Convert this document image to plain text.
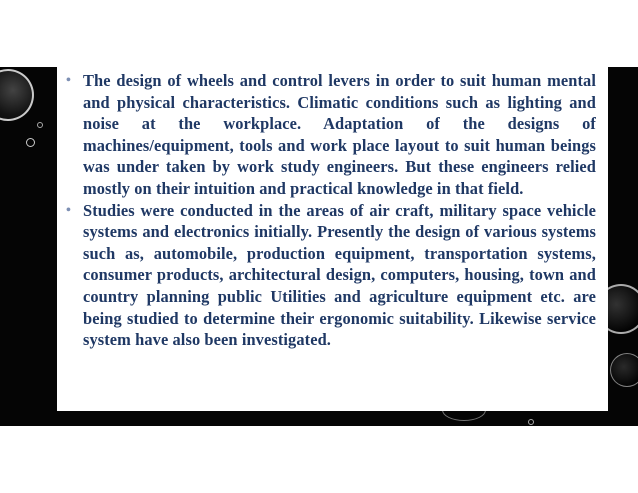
• The design of wheels and control levers in order to suit human mental and physical characteristics. Climatic conditions such as lighting and noise at the workplace. Adaptation of the designs of machines/equipment, tools and work place layout to suit human beings was under taken by work study engineers. But these engineers relied mostly on their intuition and practical knowledge in that field.
• Studies were conducted in the areas of air craft, military space vehicle systems and electronics initially. Presently the design of various systems such as, automobile, production equipment, transportation systems, consumer products, architectural design, computers, housing, town and country planning public Utilities and agriculture equipment etc. are being studied to determine their ergonomic suitability. Likewise service system have also been investigated.
